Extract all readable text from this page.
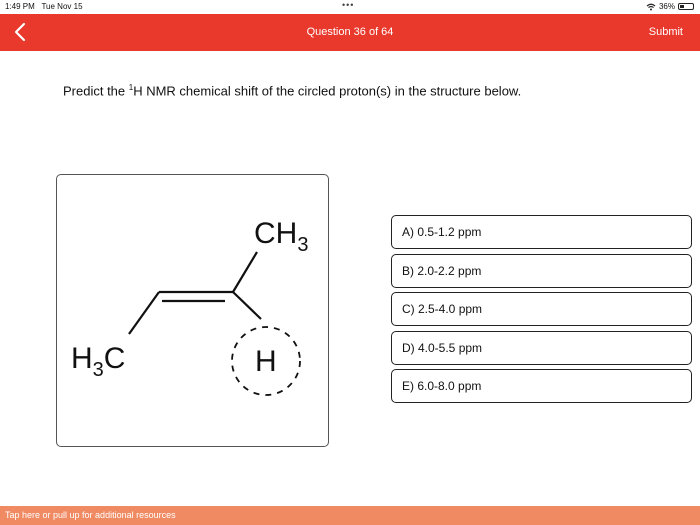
1:49 PM Tue Nov 15	•••	36%
Question 36 of 64	Submit
Predict the $^1$H NMR chemical shift of the circled proton(s) in the structure below.
$CH_3$
$H_3C$	H
A) 0.5-1.2 ppm
B) 2.0-2.2 ppm
C) 2.5-4.0 ppm
D) 4.0-5.5 ppm
E) 6.0-8.0 ppm
Tap here or pull up for additional resources
